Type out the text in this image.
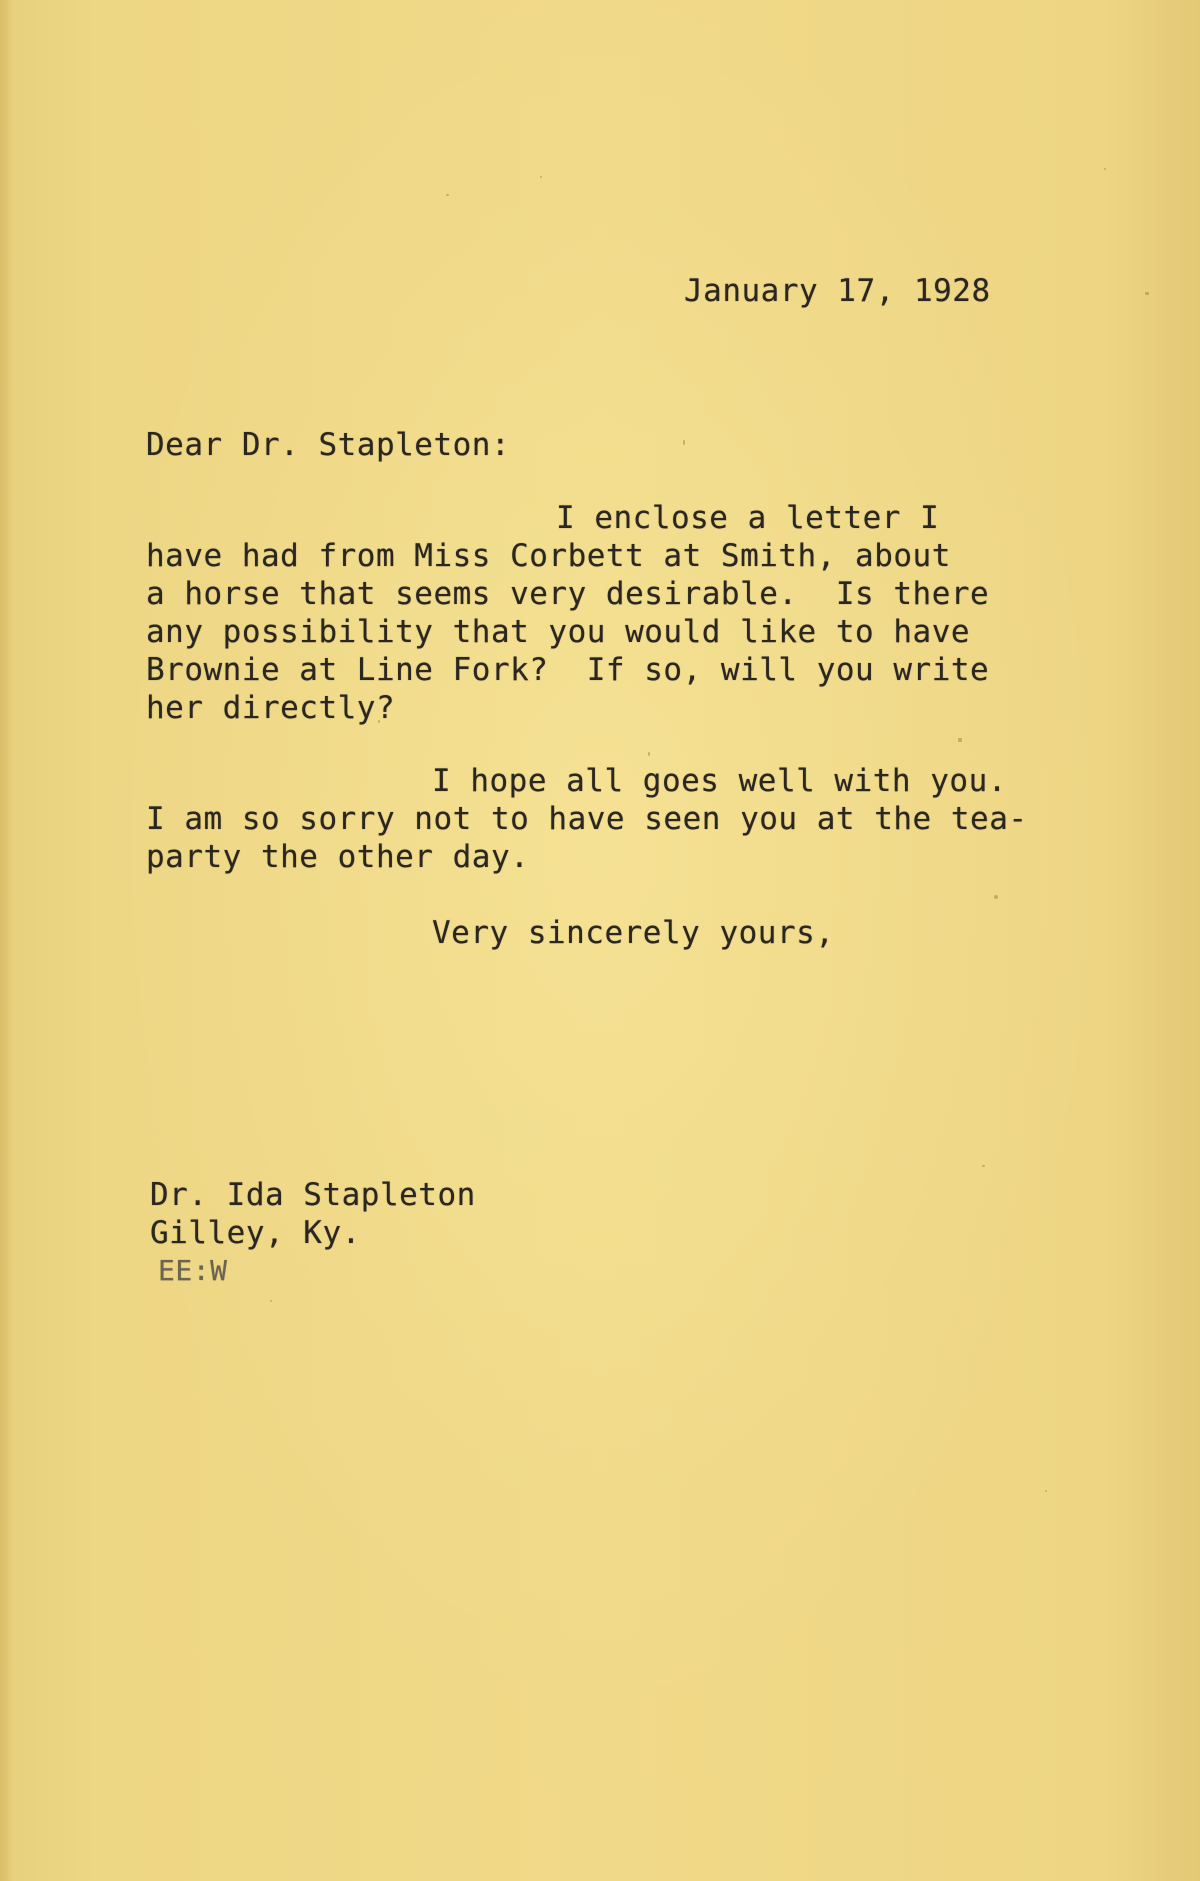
January 17, 1928
Dear Dr. Stapleton:
I enclose a letter I
have had from Miss Corbett at Smith, about
a horse that seems very desirable.  Is there
any possibility that you would like to have
Brownie at Line Fork?  If so, will you write
her directly?
I hope all goes well with you.
I am so sorry not to have seen you at the tea-
party the other day.
Very sincerely yours,
Dr. Ida Stapleton
Gilley, Ky.
EE:W
